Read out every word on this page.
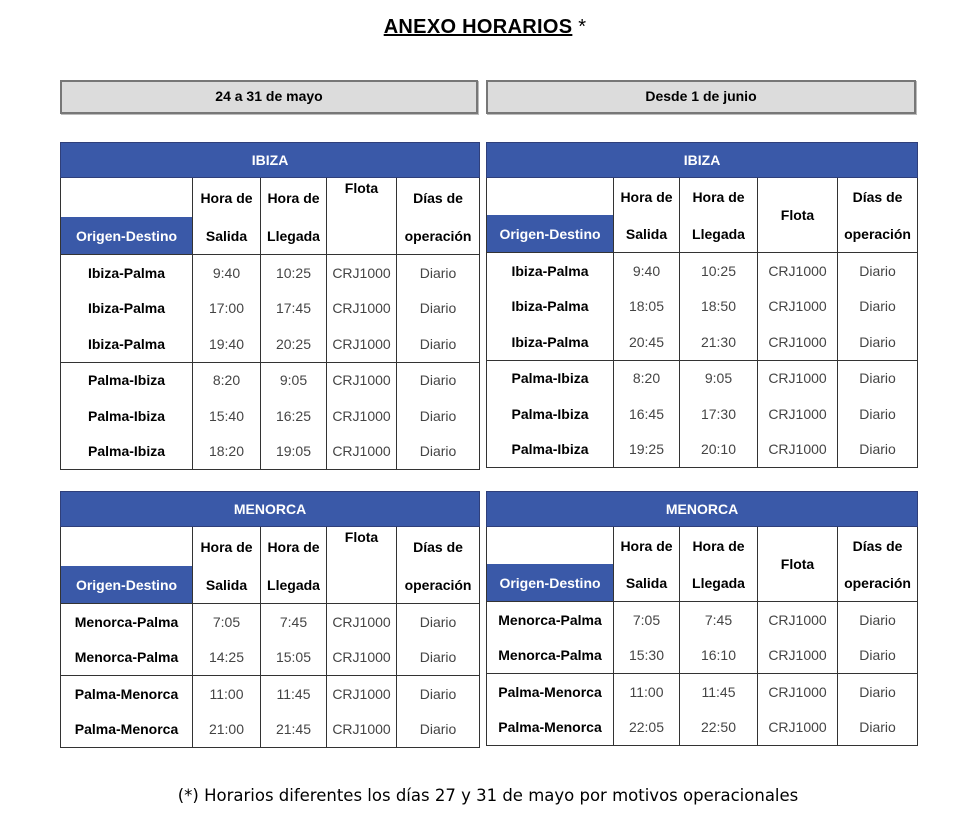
ANEXO HORARIOS *
24 a 31 de mayo	Desde 1 de junio
IBIZA				
	Hora de	Hora de	Flota	Días de
Origen-Destino	Salida	Llegada		operación
Ibiza-Palma	9:40	10:25	CRJ1000	Diario
Ibiza-Palma	17:00	17:45	CRJ1000	Diario
Ibiza-Palma	19:40	20:25	CRJ1000	Diario
Palma-Ibiza	8:20	9:05	CRJ1000	Diario
Palma-Ibiza	15:40	16:25	CRJ1000	Diario
Palma-Ibiza	18:20	19:05	CRJ1000	Diario
IBIZA				
	Hora de	Hora de	Flota	Días de
Origen-Destino	Salida	Llegada		operación
Ibiza-Palma	9:40	10:25	CRJ1000	Diario
Ibiza-Palma	18:05	18:50	CRJ1000	Diario
Ibiza-Palma	20:45	21:30	CRJ1000	Diario
Palma-Ibiza	8:20	9:05	CRJ1000	Diario
Palma-Ibiza	16:45	17:30	CRJ1000	Diario
Palma-Ibiza	19:25	20:10	CRJ1000	Diario
MENORCA				
	Hora de	Hora de	Flota	Días de
Origen-Destino	Salida	Llegada		operación
Menorca-Palma	7:05	7:45	CRJ1000	Diario
Menorca-Palma	14:25	15:05	CRJ1000	Diario
Palma-Menorca	11:00	11:45	CRJ1000	Diario
Palma-Menorca	21:00	21:45	CRJ1000	Diario
MENORCA				
	Hora de	Hora de	Flota	Días de
Origen-Destino	Salida	Llegada		operación
Menorca-Palma	7:05	7:45	CRJ1000	Diario
Menorca-Palma	15:30	16:10	CRJ1000	Diario
Palma-Menorca	11:00	11:45	CRJ1000	Diario
Palma-Menorca	22:05	22:50	CRJ1000	Diario
(*) Horarios diferentes los días 27 y 31 de mayo por motivos operacionales
